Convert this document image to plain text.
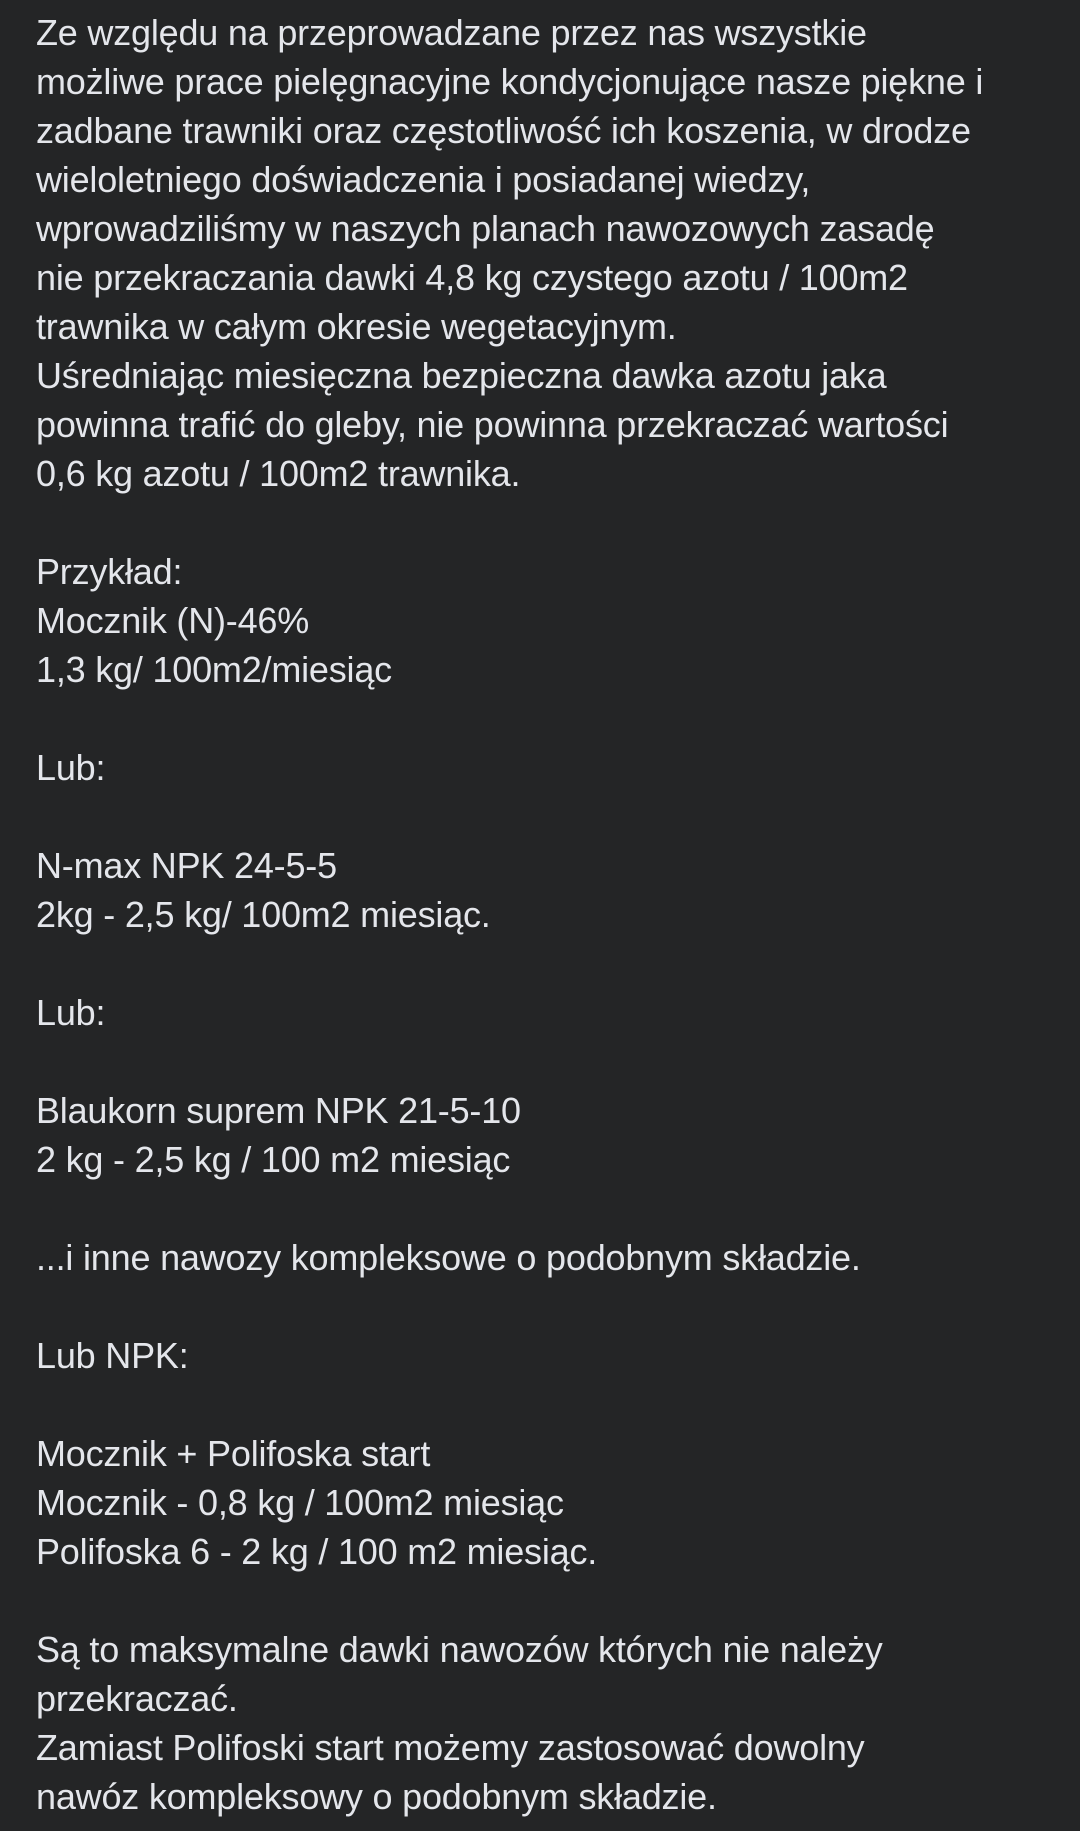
Ze względu na przeprowadzane przez nas wszystkie
możliwe prace pielęgnacyjne kondycjonujące nasze piękne i
zadbane trawniki oraz częstotliwość ich koszenia, w drodze
wieloletniego doświadczenia i posiadanej wiedzy,
wprowadziliśmy w naszych planach nawozowych zasadę
nie przekraczania dawki 4,8 kg czystego azotu / 100m2
trawnika w całym okresie wegetacyjnym.
Uśredniając miesięczna bezpieczna dawka azotu jaka
powinna trafić do gleby, nie powinna przekraczać wartości
0,6 kg azotu / 100m2 trawnika.
Przykład:
Mocznik (N)-46%
1,3 kg/ 100m2/miesiąc
Lub:
N-max NPK 24-5-5
2kg - 2,5 kg/ 100m2 miesiąc.
Lub:
Blaukorn suprem NPK 21-5-10
2 kg - 2,5 kg / 100 m2 miesiąc
...i inne nawozy kompleksowe o podobnym składzie.
Lub NPK:
Mocznik + Polifoska start
Mocznik - 0,8 kg / 100m2 miesiąc
Polifoska 6 - 2 kg / 100 m2 miesiąc.
Są to maksymalne dawki nawozów których nie należy
przekraczać.
Zamiast Polifoski start możemy zastosować dowolny
nawóz kompleksowy o podobnym składzie.
